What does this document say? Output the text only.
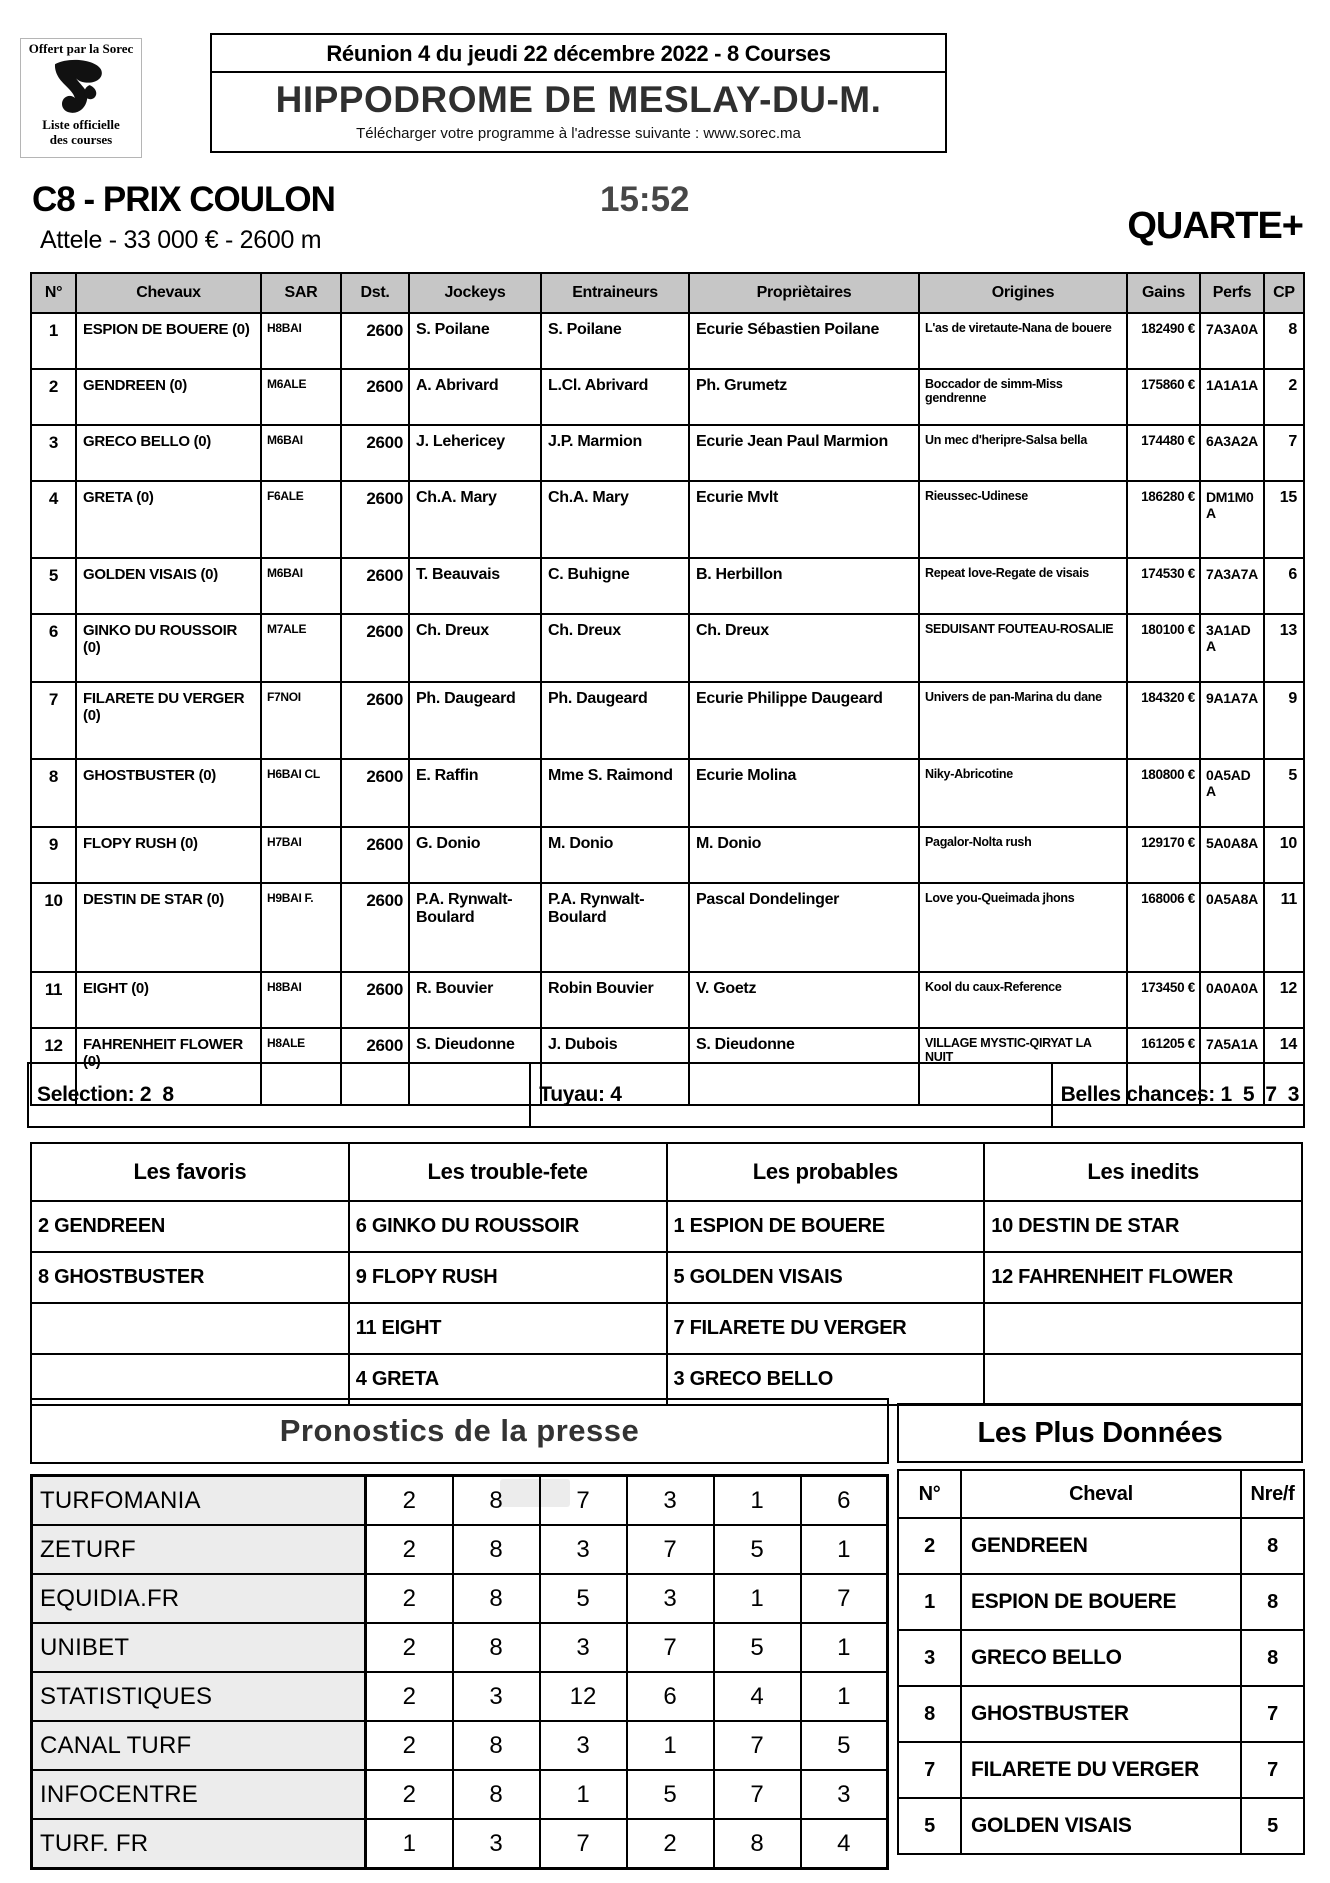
Offert par la Sorec
Liste officielle
des courses
Réunion 4 du jeudi 22 décembre 2022 - 8 Courses
HIPPODROME DE MESLAY-DU-M.
Télécharger votre programme à l'adresse suivante : www.sorec.ma
C8 - PRIX COULON	15:52
Attele - 33 000 € - 2600 m	QUARTE+
N°	Chevaux	SAR	Dst.	Jockeys	Entraineurs	Propriètaires	Origines	Gains	Perfs	CP
1	ESPION DE BOUERE (0)	H8BAI	2600	S. Poilane	S. Poilane	Ecurie Sébastien Poilane	L'as de viretaute-Nana de bouere	182490 €	7A3A0A	8
2	GENDREEN (0)	M6ALE	2600	A. Abrivard	L.Cl. Abrivard	Ph. Grumetz	Boccador de simm-Miss gendrenne	175860 €	1A1A1A	2
3	GRECO BELLO (0)	M6BAI	2600	J. Lehericey	J.P. Marmion	Ecurie Jean Paul Marmion	Un mec d'heripre-Salsa bella	174480 €	6A3A2A	7
4	GRETA (0)	F6ALE	2600	Ch.A. Mary	Ch.A. Mary	Ecurie Mvlt	Rieussec-Udinese	186280 €	DM1M0A	15
5	GOLDEN VISAIS (0)	M6BAI	2600	T. Beauvais	C. Buhigne	B. Herbillon	Repeat love-Regate de visais	174530 €	7A3A7A	6
6	GINKO DU ROUSSOIR (0)	M7ALE	2600	Ch. Dreux	Ch. Dreux	Ch. Dreux	SEDUISANT FOUTEAU-ROSALIE	180100 €	3A1ADA	13
7	FILARETE DU VERGER (0)	F7NOI	2600	Ph. Daugeard	Ph. Daugeard	Ecurie Philippe Daugeard	Univers de pan-Marina du dane	184320 €	9A1A7A	9
8	GHOSTBUSTER (0)	H6BAI CL	2600	E. Raffin	Mme S. Raimond	Ecurie Molina	Niky-Abricotine	180800 €	0A5ADA	5
9	FLOPY RUSH (0)	H7BAI	2600	G. Donio	M. Donio	M. Donio	Pagalor-Nolta rush	129170 €	5A0A8A	10
10	DESTIN DE STAR (0)	H9BAI F.	2600	P.A. Rynwalt-Boulard	P.A. Rynwalt-Boulard	Pascal Dondelinger	Love you-Queimada jhons	168006 €	0A5A8A	11
11	EIGHT (0)	H8BAI	2600	R. Bouvier	Robin Bouvier	V. Goetz	Kool du caux-Reference	173450 €	0A0A0A	12
12	FAHRENHEIT FLOWER (0)	H8ALE	2600	S. Dieudonne	J. Dubois	S. Dieudonne	VILLAGE MYSTIC-QIRYAT LA NUIT	161205 €	7A5A1A	14
Selection: 2  8	Tuyau: 4	Belles chances: 1  5  7  3
Les favoris	Les trouble-fete	Les probables	Les inedits
2 GENDREEN	6 GINKO DU ROUSSOIR	1 ESPION DE BOUERE	10 DESTIN DE STAR
8 GHOSTBUSTER	9 FLOPY RUSH	5 GOLDEN VISAIS	12 FAHRENHEIT FLOWER
	11 EIGHT	7 FILARETE DU VERGER	
	4 GRETA	3 GRECO BELLO	
Pronostics de la presse
TURFOMANIA	2	8	7	3	1	6
ZETURF	2	8	3	7	5	1
EQUIDIA.FR	2	8	5	3	1	7
UNIBET	2	8	3	7	5	1
STATISTIQUES	2	3	12	6	4	1
CANAL TURF	2	8	3	1	7	5
INFOCENTRE	2	8	1	5	7	3
TURF. FR	1	3	7	2	8	4
Les Plus Données
N°	Cheval	Nre/f
2	GENDREEN	8
1	ESPION DE BOUERE	8
3	GRECO BELLO	8
8	GHOSTBUSTER	7
7	FILARETE DU VERGER	7
5	GOLDEN VISAIS	5
